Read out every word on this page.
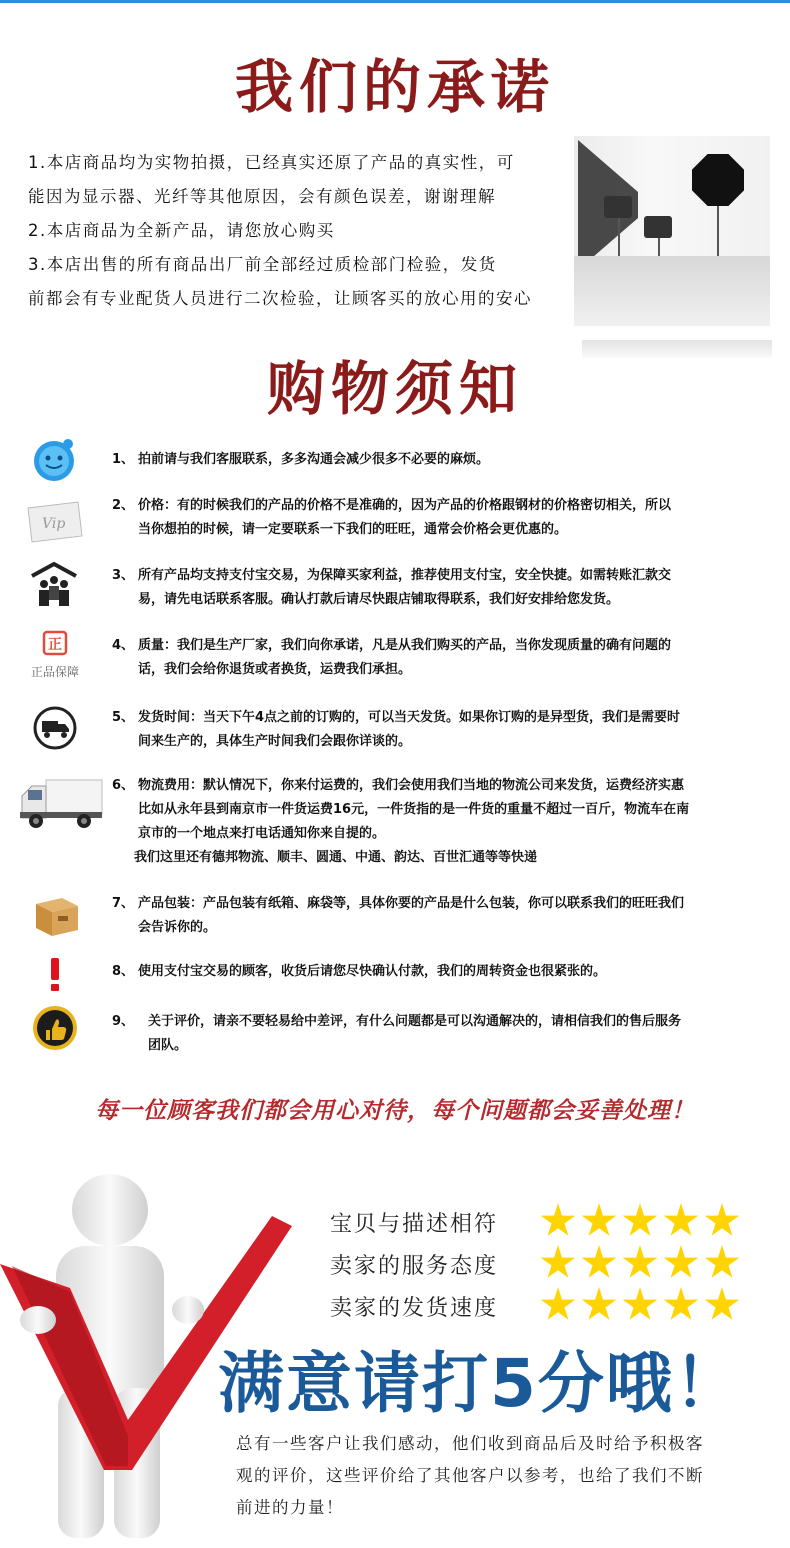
我们的承诺
1.本店商品均为实物拍摄，已经真实还原了产品的真实性，可
能因为显示器、光纤等其他原因，会有颜色误差，谢谢理解
2.本店商品为全新产品，请您放心购买
3.本店出售的所有商品出厂前全部经过质检部门检验，发货
前都会有专业配货人员进行二次检验，让顾客买的放心用的安心
购物须知
1、 拍前请与我们客服联系，多多沟通会减少很多不必要的麻烦。
Vip
2、 价格：有的时候我们的产品的价格不是准确的，因为产品的价格跟钢材的价格密切相关，所以
当你想拍的时候，请一定要联系一下我们的旺旺，通常会价格会更优惠的。
3、 所有产品均支持支付宝交易，为保障买家利益，推荐使用支付宝，安全快捷。如需转账汇款交
易，请先电话联系客服。确认打款后请尽快跟店铺取得联系，我们好安排给您发货。
正
正品保障
4、 质量：我们是生产厂家，我们向你承诺，凡是从我们购买的产品，当你发现质量的确有问题的
话，我们会给你退货或者换货，运费我们承担。
5、 发货时间：当天下午4点之前的订购的，可以当天发货。如果你订购的是异型货，我们是需要时
间来生产的，具体生产时间我们会跟你详谈的。
6、 物流费用：默认情况下，你来付运费的，我们会使用我们当地的物流公司来发货，运费经济实惠
比如从永年县到南京市一件货运费16元，一件货指的是一件货的重量不超过一百斤，物流车在南
京市的一个地点来打电话通知你来自提的。
我们这里还有德邦物流、顺丰、圆通、中通、韵达、百世汇通等等快递
7、 产品包装：产品包装有纸箱、麻袋等，具体你要的产品是什么包装，你可以联系我们的旺旺我们
会告诉你的。
8、 使用支付宝交易的顾客，收货后请您尽快确认付款，我们的周转资金也很紧张的。
9、 关于评价，请亲不要轻易给中差评，有什么问题都是可以沟通解决的，请相信我们的售后服务
团队。
每一位顾客我们都会用心对待，每个问题都会妥善处理！
宝贝与描述相符
卖家的服务态度
卖家的发货速度
满意请打5分哦！
总有一些客户让我们感动，他们收到商品后及时给予积极客
观的评价，这些评价给了其他客户以参考，也给了我们不断
前进的力量！
